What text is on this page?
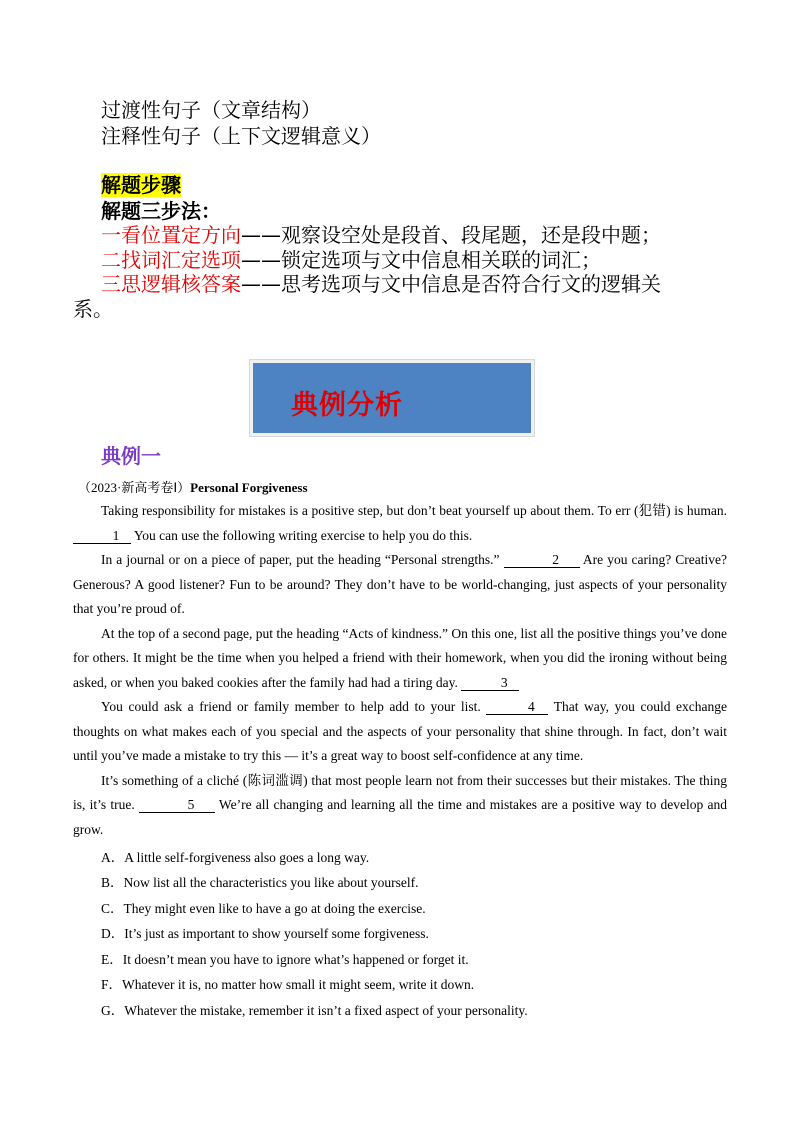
过渡性句子（文章结构）
注释性句子（上下文逻辑意义）
解题步骤
解题三步法：
一看位置定方向——观察设空处是段首、段尾题，还是段中题；
二找词汇定选项——锁定选项与文中信息相关联的词汇；
三思逻辑核答案——思考选项与文中信息是否符合行文的逻辑关
系。
典例分析
典例一
（2023·新高考卷Ⅰ）Personal Forgiveness

Taking responsibility for mistakes is a positive step, but don’t beat yourself up about them. To err (犯错) is human. 1 You can use the following writing exercise to help you do this.

In a journal or on a piece of paper, put the heading “Personal strengths.”	2 Are you caring? Creative? Generous? A good listener? Fun to be around? They don’t have to be world-changing, just aspects of your personality that you’re proud of.

At the top of a second page, put the heading “Acts of kindness.” On this one, list all the positive things you’ve done for others. It might be the time when you helped a friend with their homework, when you did the ironing without being asked, or when you baked cookies after the family had had a tiring day.	3

You could ask a friend or family member to help add to your list.	4 That way, you could exchange thoughts on what makes each of you special and the aspects of your personality that shine through. In fact, don’t wait until you’ve made a mistake to try this — it’s a great way to boost self-confidence at any time.

It’s something of a cliché (陈词滥调) that most people learn not from their successes but their mistakes. The thing is, it’s true.	5 We’re all changing and learning all the time and mistakes are a positive way to develop and grow.

A．A little self-forgiveness also goes a long way.
B．Now list all the characteristics you like about yourself.
C．They might even like to have a go at doing the exercise.
D．It’s just as important to show yourself some forgiveness.
E．It doesn’t mean you have to ignore what’s happened or forget it.
F．Whatever it is, no matter how small it might seem, write it down.
G．Whatever the mistake, remember it isn’t a fixed aspect of your personality.
